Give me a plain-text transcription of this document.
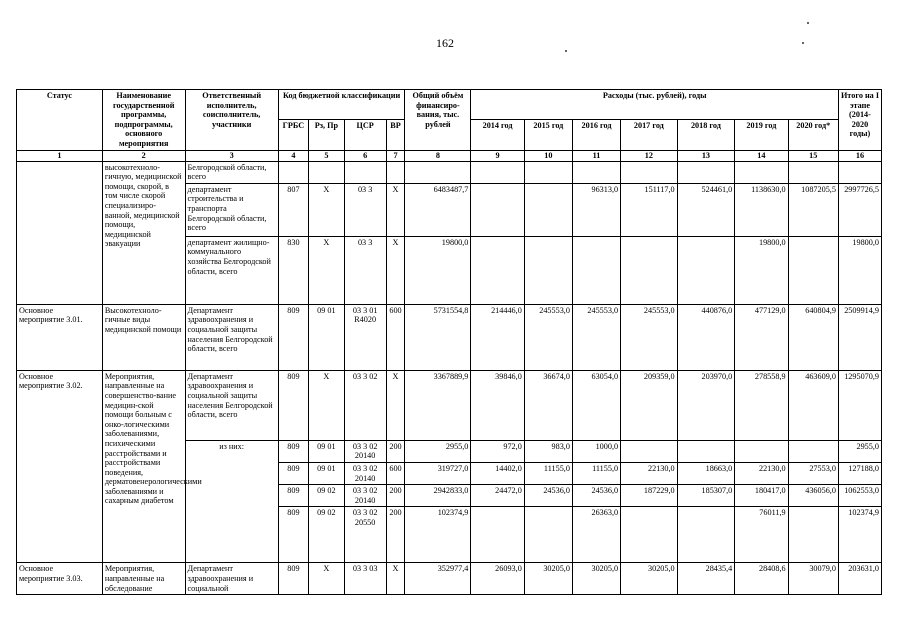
162
Статус	Наименование государственной программы, подпрограммы, основного мероприятия	Ответственный исполнитель, соисполнитель, участники	Код бюджетной классификации				Общий объём финансиро-вания, тыс. рублей	Расходы (тыс. рублей), годы							Итого на I этапе (2014-2020 годы)
			ГРБС	Рз, Пр	ЦСР	ВР		2014 год	2015 год	2016 год	2017 год	2018 год	2019 год	2020 год*	
1	2	3	4	5	6	7	8	9	10	11	12	13	14	15	16
	высокотехноло-гичную, медицинской помощи, скорой, в том числе скорой специализиро-ванной, медицинской помощи, медицинской эвакуации	Белгородской области, всего													
		департамент строительства и транспорта Белгородской области, всего	807	Х	03 3	Х	6483487,7			96313,0	151117,0	524461,0	1138630,0	1087205,5	2997726,5
		департамент жилищно-коммунального хозяйства Белгородской области, всего	830	Х	03 3	Х	19800,0						19800,0		19800,0
Основное мероприятие 3.01.	Высокотехноло-гичные виды медицинской помощи	Департамент здравоохранения и социальной защиты населения Белгородской области, всего	809	09 01	03 3 01 R4020	600	5731554,8	214446,0	245553,0	245553,0	245553,0	440876,0	477129,0	640804,9	2509914,9
Основное мероприятие 3.02.	Мероприятия, направленные на совершенство-вание медицин-ской помощи больным с онко-логическими заболеваниями, психическими расстройствами и расстройствами поведения, дерматовенерологическими заболеваниями и сахарным диабетом	Департамент здравоохранения и социальной защиты населения Белгородской области, всего	809	Х	03 3 02	Х	3367889,9	39846,0	36674,0	63054,0	209359,0	203970,0	278558,9	463609,0	1295070,9
		из них:	809	09 01	03 3 02 20140	200	2955,0	972,0	983,0	1000,0					2955,0
			809	09 01	03 3 02 20140	600	319727,0	14402,0	11155,0	11155,0	22130,0	18663,0	22130,0	27553,0	127188,0
			809	09 02	03 3 02 20140	200	2942833,0	24472,0	24536,0	24536,0	187229,0	185307,0	180417,0	436056,0	1062553,0
			809	09 02	03 3 02 20550	200	102374,9			26363,0			76011,9		102374,9
Основное мероприятие 3.03.	Мероприятия, направленные на обследование	Департамент здравоохранения и социальной	809	Х	03 3 03	Х	352977,4	26093,0	30205,0	30205,0	30205,0	28435,4	28408,6	30079,0	203631,0
